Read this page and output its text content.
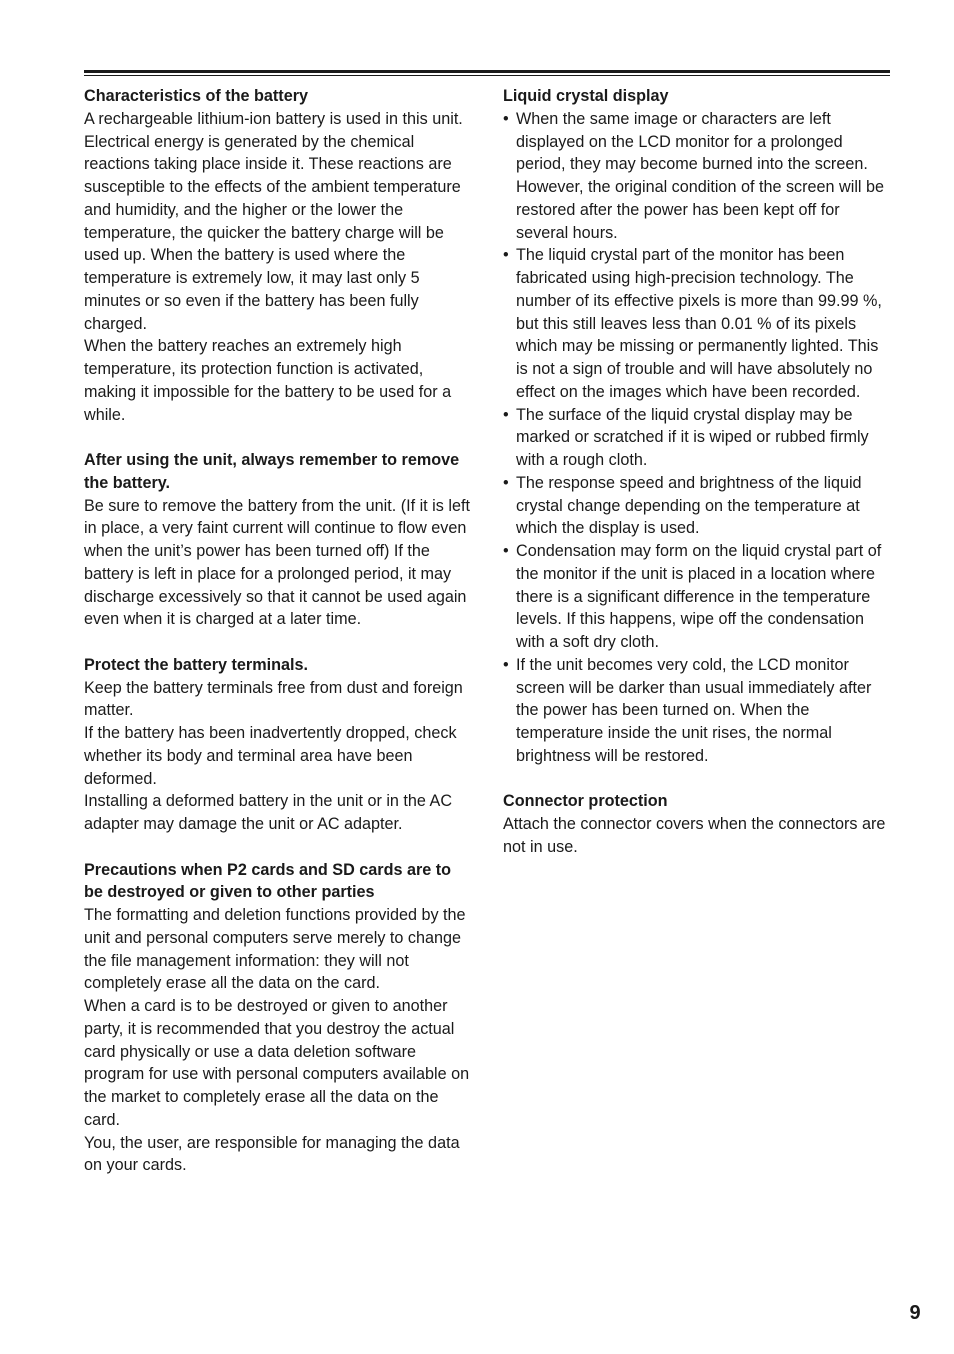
Characteristics of the battery

A rechargeable lithium-ion battery is used in this unit. Electrical energy is generated by the chemical reactions taking place inside it. These reactions are susceptible to the effects of the ambient temperature and humidity, and the higher or the lower the temperature, the quicker the battery charge will be used up. When the battery is used where the temperature is extremely low, it may last only 5 minutes or so even if the battery has been fully charged.

When the battery reaches an extremely high temperature, its protection function is activated, making it impossible for the battery to be used for a while.

After using the unit, always remember to remove the battery.

Be sure to remove the battery from the unit. (If it is left in place, a very faint current will continue to flow even when the unit’s power has been turned off) If the battery is left in place for a prolonged period, it may discharge excessively so that it cannot be used again even when it is charged at a later time.

Protect the battery terminals.

Keep the battery terminals free from dust and foreign matter.

If the battery has been inadvertently dropped, check whether its body and terminal area have been deformed.

Installing a deformed battery in the unit or in the AC adapter may damage the unit or AC adapter.

Precautions when P2 cards and SD cards are to be destroyed or given to other parties

The formatting and deletion functions provided by the unit and personal computers serve merely to change the file management information: they will not completely erase all the data on the card.

When a card is to be destroyed or given to another party, it is recommended that you destroy the actual card physically or use a data deletion software program for use with personal computers available on the market to completely erase all the data on the card.

You, the user, are responsible for managing the data on your cards.

Liquid crystal display

• When the same image or characters are left displayed on the LCD monitor for a prolonged period, they may become burned into the screen. However, the original condition of the screen will be restored after the power has been kept off for several hours.
• The liquid crystal part of the monitor has been fabricated using high-precision technology. The number of its effective pixels is more than 99.99 %, but this still leaves less than 0.01 % of its pixels which may be missing or permanently lighted. This is not a sign of trouble and will have absolutely no effect on the images which have been recorded.
• The surface of the liquid crystal display may be marked or scratched if it is wiped or rubbed firmly with a rough cloth.
• The response speed and brightness of the liquid crystal change depending on the temperature at which the display is used.
• Condensation may form on the liquid crystal part of the monitor if the unit is placed in a location where there is a significant difference in the temperature levels. If this happens, wipe off the condensation with a soft dry cloth.
• If the unit becomes very cold, the LCD monitor screen will be darker than usual immediately after the power has been turned on. When the temperature inside the unit rises, the normal brightness will be restored.

Connector protection

Attach the connector covers when the connectors are not in use.

9
